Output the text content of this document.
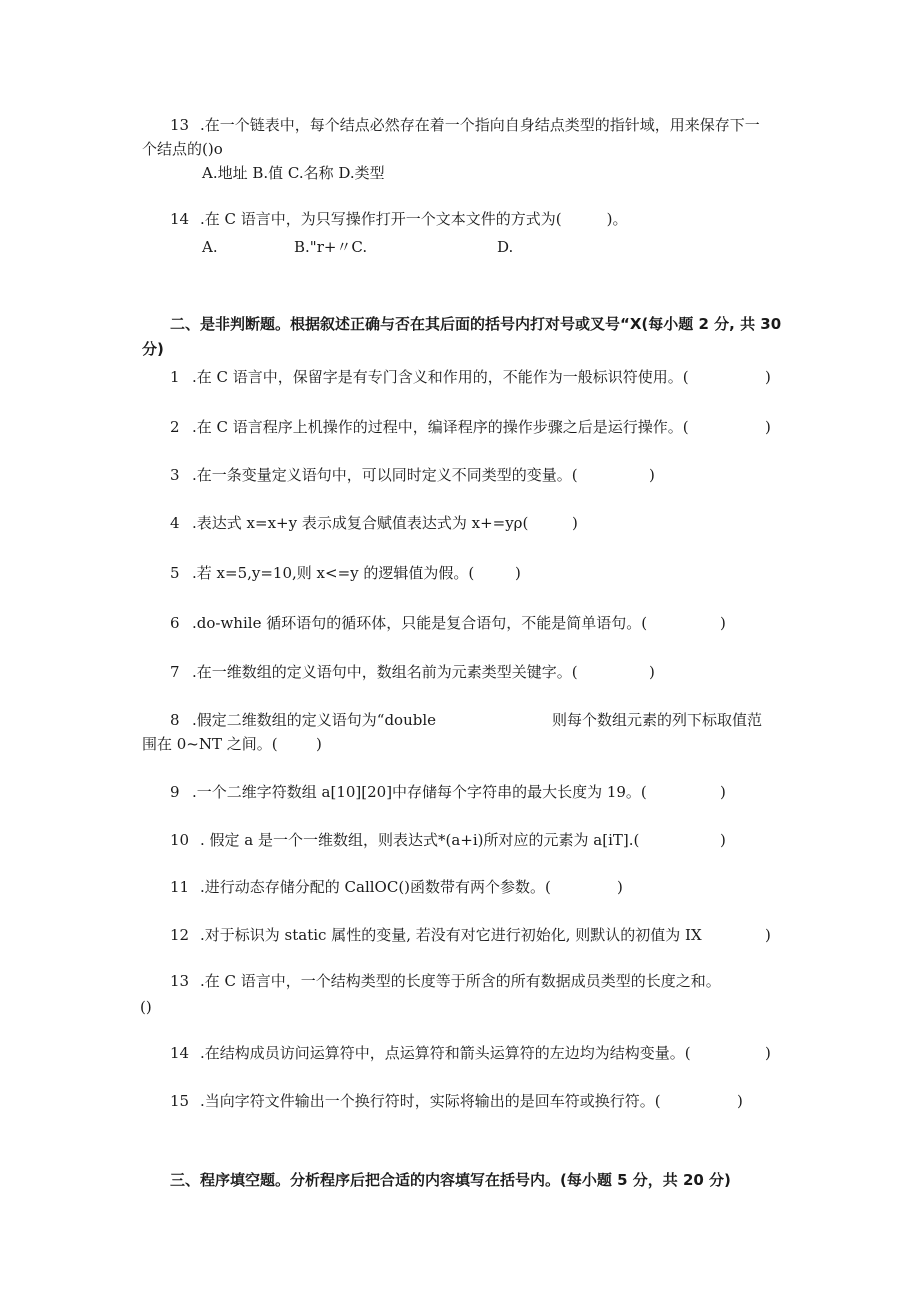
13 .在一个链表中，每个结点必然存在着一个指向自身结点类型的指针域，用来保存下一
个结点的()o
A.地址 B.值 C.名称 D.类型
14 .在 C 语言中，为只写操作打开一个文本文件的方式为(　　　)。
A.	B."r+〃C.	D.
二、是非判断题。根据叙述正确与否在其后面的括号内打对号或叉号“X(每小题 2 分, 共 30
分)
1 .在 C 语言中，保留字是有专门含义和作用的，不能作为一般标识符使用。(	)
2 .在 C 语言程序上机操作的过程中，编译程序的操作步骤之后是运行操作。(	)
3 .在一条变量定义语句中，可以同时定义不同类型的变量。(	)
4 .表达式 x=x+y 表示成复合赋值表达式为 x+=yρ(	)
5 .若 x=5,y=10,则 x<=y 的逻辑值为假。(	)
6 .do-while 循环语句的循环体，只能是复合语句，不能是简单语句。(	)
7 .在一维数组的定义语句中，数组名前为元素类型关键字。(	)
8 .假定二维数组的定义语句为“double	则每个数组元素的列下标取值范
围在 0~NT 之间。(	)
9 .一个二维字符数组 a[10][20]中存储每个字符串的最大长度为 19。(	)
10 . 假定 a 是一个一维数组，则表达式*(a+i)所对应的元素为 a[iT].(	)
11 .进行动态存储分配的 CallOC()函数带有两个参数。(	)
12 .对于标识为 static 属性的变量, 若没有对它进行初始化, 则默认的初值为 IX	)
13 .在 C 语言中，一个结构类型的长度等于所含的所有数据成员类型的长度之和。
()
14 .在结构成员访问运算符中，点运算符和箭头运算符的左边均为结构变量。(	)
15 .当向字符文件输出一个换行符时，实际将输出的是回车符或换行符。(	)
三、程序填空题。分析程序后把合适的内容填写在括号内。(每小题 5 分，共 20 分)
